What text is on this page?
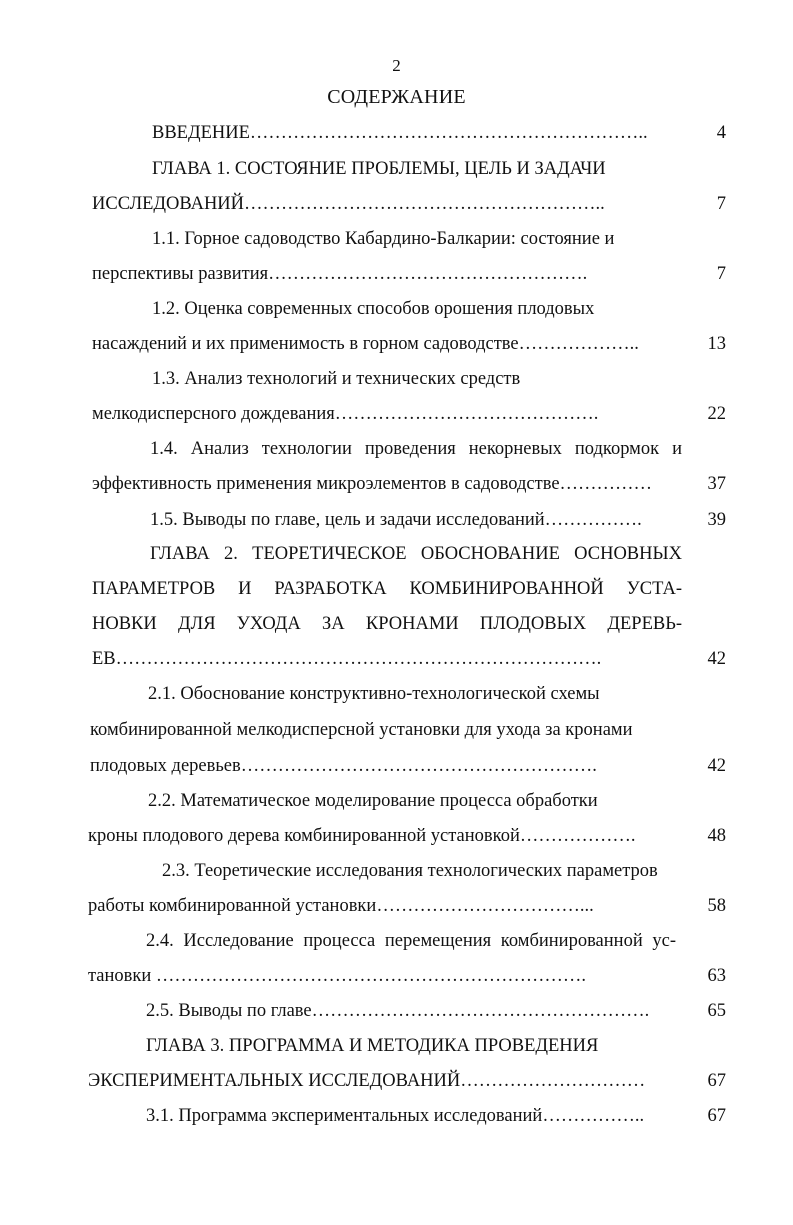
2
СОДЕРЖАНИЕ
ВВЕДЕНИЕ………………………………………………………..	4
ГЛАВА 1. СОСТОЯНИЕ ПРОБЛЕМЫ, ЦЕЛЬ И ЗАДАЧИ
ИССЛЕДОВАНИЙ…………………………………………………..	7
1.1. Горное садоводство Кабардино-Балкарии: состояние и
перспективы развития…………………………………………….	7
1.2. Оценка современных способов орошения плодовых
насаждений и их применимость в горном садоводстве………………..	13
1.3. Анализ технологий и технических средств
мелкодисперсного дождевания…………………………………….	22
1.4. Анализ технологии проведения некорневых подкормок и
эффективность применения микроэлементов в садоводстве……………	37
1.5. Выводы по главе, цель и задачи исследований…………….	39
ГЛАВА 2. ТЕОРЕТИЧЕСКОЕ ОБОСНОВАНИЕ ОСНОВНЫХ
ПАРАМЕТРОВ И РАЗРАБОТКА КОМБИНИРОВАННОЙ УСТА-
НОВКИ ДЛЯ УХОДА ЗА КРОНАМИ ПЛОДОВЫХ ДЕРЕВЬ-
ЕВ…………………………………………………………………….	42
2.1. Обоснование конструктивно-технологической схемы
комбинированной мелкодисперсной установки для ухода за кронами
плодовых деревьев………………………………………………….	42
2.2. Математическое моделирование процесса обработки
кроны плодового дерева комбинированной установкой……………….	48
2.3. Теоретические исследования технологических параметров
работы комбинированной установки……………………………...	58
2.4. Исследование процесса перемещения комбинированной ус-
тановки …………………………………………………………….	63
2.5. Выводы по главе……………………………………………….	65
ГЛАВА 3. ПРОГРАММА И МЕТОДИКА ПРОВЕДЕНИЯ
ЭКСПЕРИМЕНТАЛЬНЫХ ИССЛЕДОВАНИЙ…………………………	67
3.1. Программа экспериментальных исследований……………..	67
